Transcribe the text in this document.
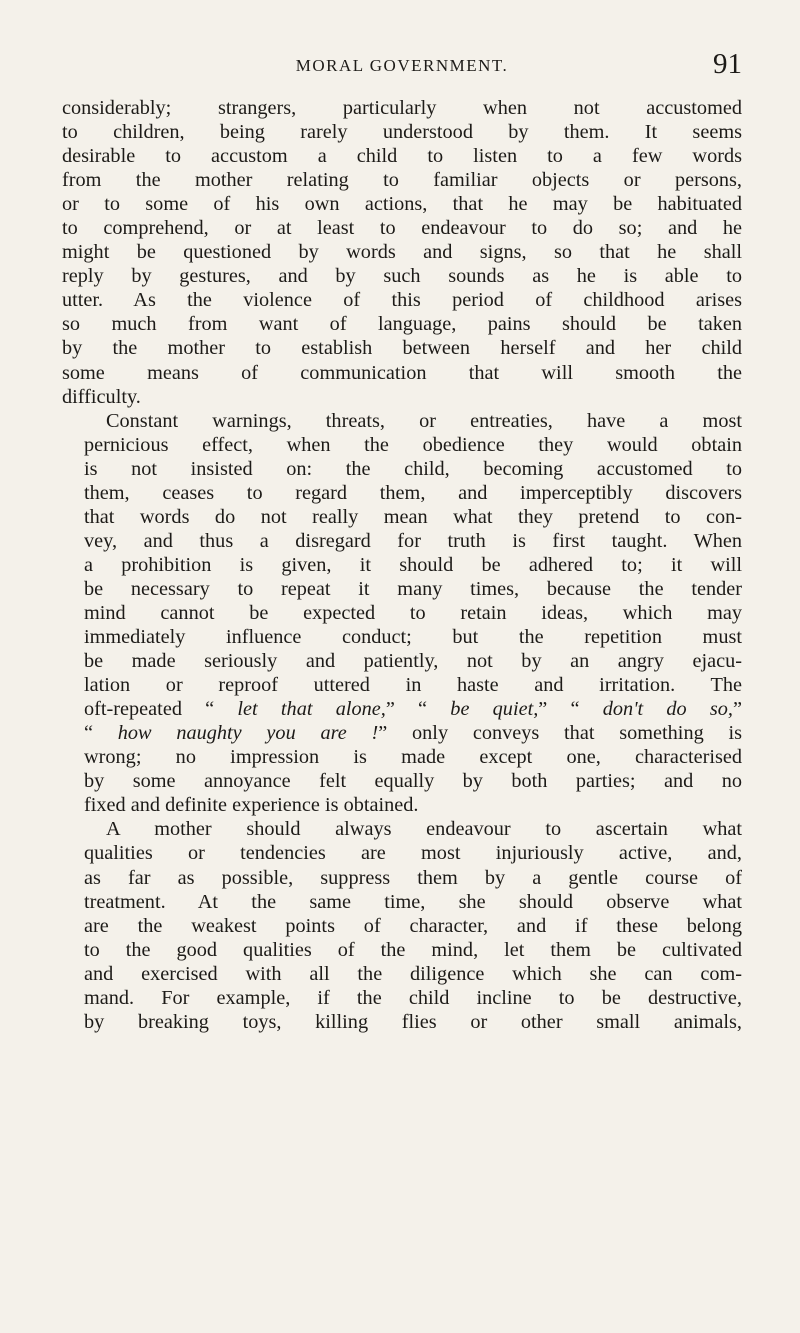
MORAL GOVERNMENT.	91

considerably; strangers, particularly when not accustomed
to children, being rarely understood by them. It seems
desirable to accustom a child to listen to a few words
from the mother relating to familiar objects or persons,
or to some of his own actions, that he may be habituated
to comprehend, or at least to endeavour to do so; and he
might be questioned by words and signs, so that he shall
reply by gestures, and by such sounds as he is able to
utter. As the violence of this period of childhood arises
so much from want of language, pains should be taken
by the mother to establish between herself and her child
some means of communication that will smooth the
difficulty.

Constant warnings, threats, or entreaties, have a most
pernicious effect, when the obedience they would obtain
is not insisted on: the child, becoming accustomed to
them, ceases to regard them, and imperceptibly discovers
that words do not really mean what they pretend to con-
vey, and thus a disregard for truth is first taught. When
a prohibition is given, it should be adhered to; it will
be necessary to repeat it many times, because the tender
mind cannot be expected to retain ideas, which may
immediately influence conduct; but the repetition must
be made seriously and patiently, not by an angry ejacu-
lation or reproof uttered in haste and irritation. The
oft-repeated “ let that alone,” “ be quiet,” “ don't do so,”
“ how naughty you are !” only conveys that something is
wrong; no impression is made except one, characterised
by some annoyance felt equally by both parties; and no
fixed and definite experience is obtained.

A mother should always endeavour to ascertain what
qualities or tendencies are most injuriously active, and,
as far as possible, suppress them by a gentle course of
treatment. At the same time, she should observe what
are the weakest points of character, and if these belong
to the good qualities of the mind, let them be cultivated
and exercised with all the diligence which she can com-
mand. For example, if the child incline to be destructive,
by breaking toys, killing flies or other small animals,
